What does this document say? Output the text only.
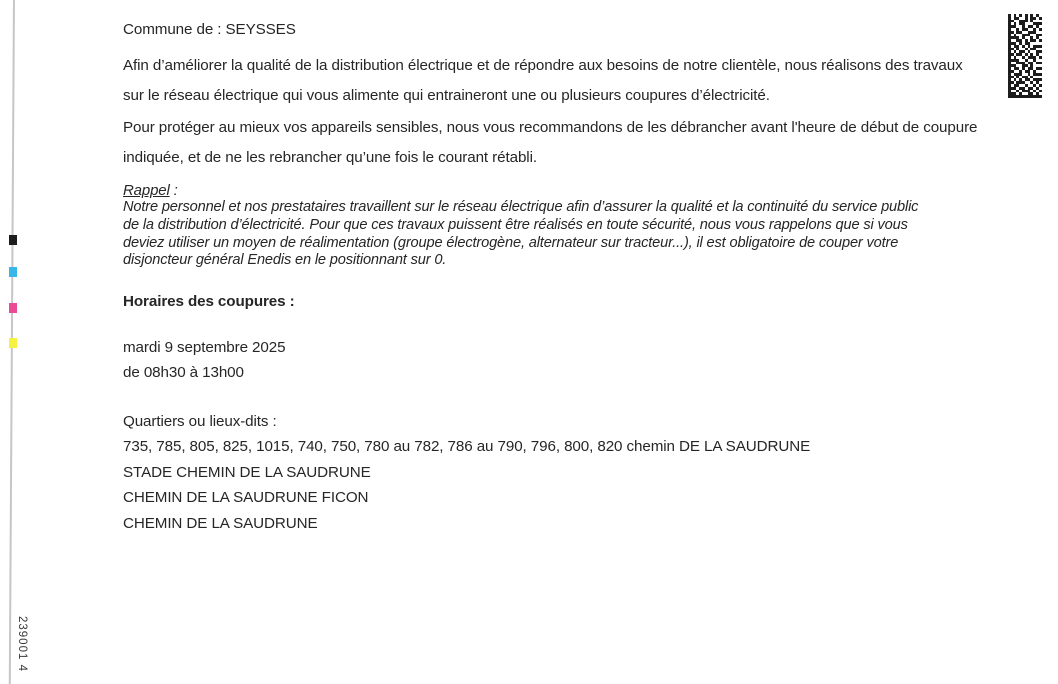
239001 4
Commune de : SEYSSES
Afin d’améliorer la qualité de la distribution électrique et de répondre aux besoins de notre clientèle, nous réalisons des travaux
sur le réseau électrique qui vous alimente qui entraineront une ou plusieurs coupures d’électricité.
Pour protéger au mieux vos appareils sensibles, nous vous recommandons de les débrancher avant l'heure de début de coupure
indiquée, et de ne les rebrancher qu’une fois le courant rétabli.
Rappel :
Notre personnel et nos prestataires travaillent sur le réseau électrique afin d’assurer la qualité et la continuité du service public
de la distribution d’électricité. Pour que ces travaux puissent être réalisés en toute sécurité, nous vous rappelons que si vous
deviez utiliser un moyen de réalimentation (groupe électrogène, alternateur sur tracteur...), il est obligatoire de couper votre
disjoncteur général Enedis en le positionnant sur 0.
Horaires des coupures :
mardi 9 septembre 2025
de 08h30 à 13h00
Quartiers ou lieux-dits :
735, 785, 805, 825, 1015, 740, 750, 780 au 782, 786 au 790, 796, 800, 820 chemin DE LA SAUDRUNE
STADE CHEMIN DE LA SAUDRUNE
CHEMIN DE LA SAUDRUNE FICON
CHEMIN DE LA SAUDRUNE
